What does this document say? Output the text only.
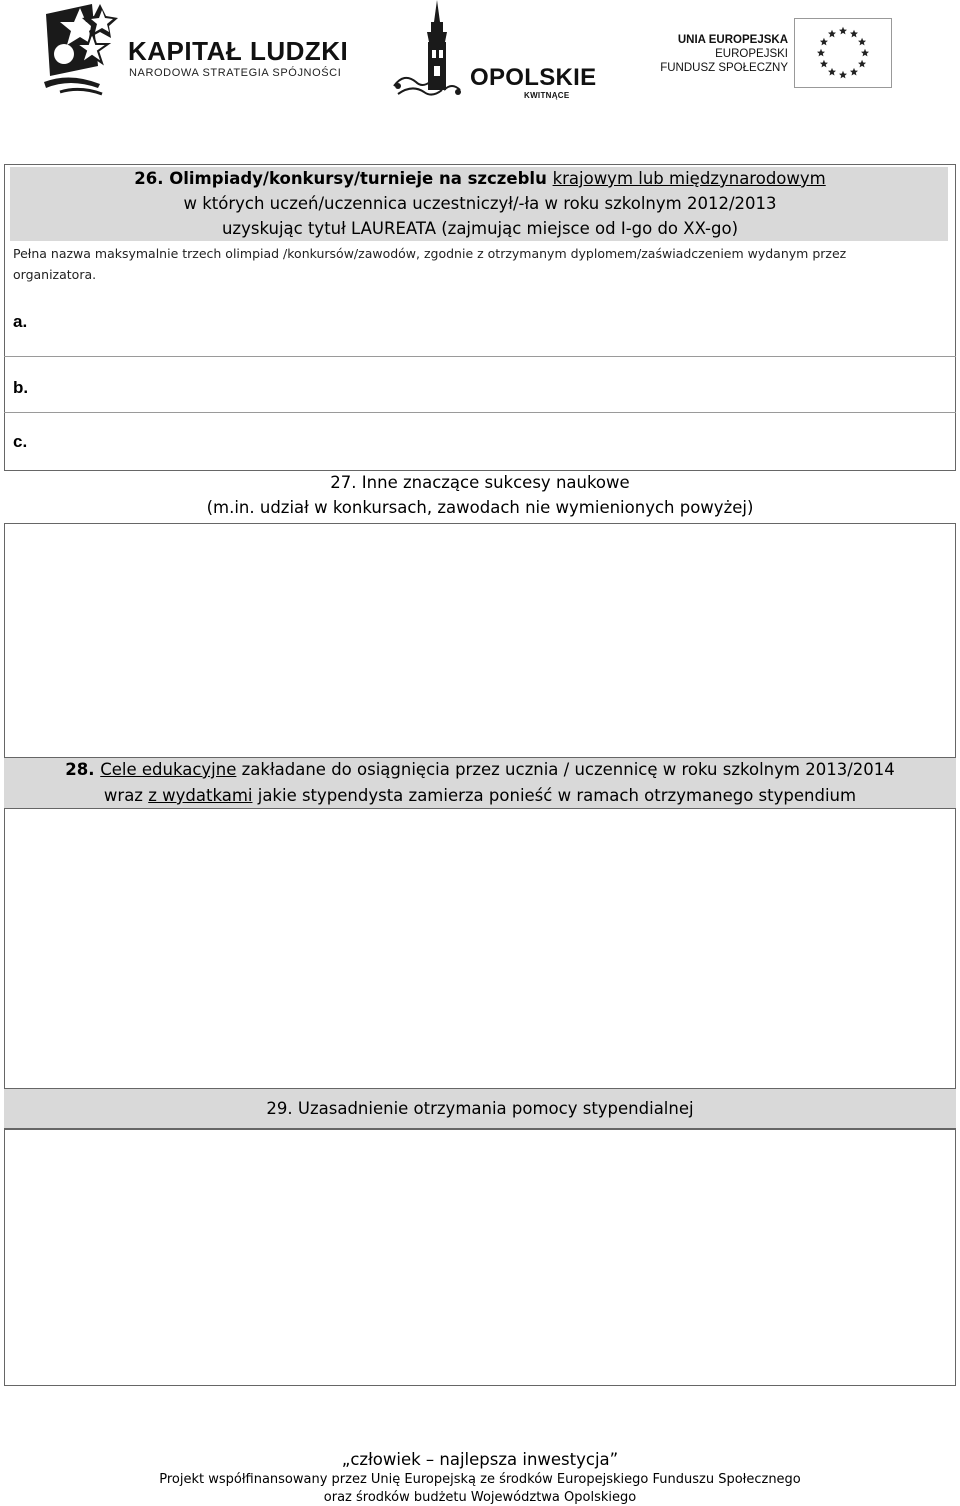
KAPITAŁ LUDZKI
NARODOWA STRATEGIA SPÓJNOŚCI	OPOLSKIE
KWITNĄCE
UNIA EUROPEJSKA
EUROPEJSKI
FUNDUSZ SPOŁECZNY
26. Olimpiady/konkursy/turnieje na szczeblu krajowym lub międzynarodowym
w których uczeń/uczennica uczestniczył/-ła w roku szkolnym 2012/2013
uzyskując tytuł LAUREATA (zajmując miejsce od I-go do XX-go)
Pełna nazwa maksymalnie trzech olimpiad /konkursów/zawodów, zgodnie z otrzymanym dyplomem/zaświadczeniem wydanym przez
organizatora.
a.
b.
c.
27. Inne znaczące sukcesy naukowe
(m.in. udział w konkursach, zawodach nie wymienionych powyżej)
28. Cele edukacyjne zakładane do osiągnięcia przez ucznia / uczennicę w roku szkolnym 2013/2014
wraz z wydatkami jakie stypendysta zamierza ponieść w ramach otrzymanego stypendium
29. Uzasadnienie otrzymania pomocy stypendialnej
„człowiek – najlepsza inwestycja”
Projekt współfinansowany przez Unię Europejską ze środków Europejskiego Funduszu Społecznego
oraz środków budżetu Województwa Opolskiego
